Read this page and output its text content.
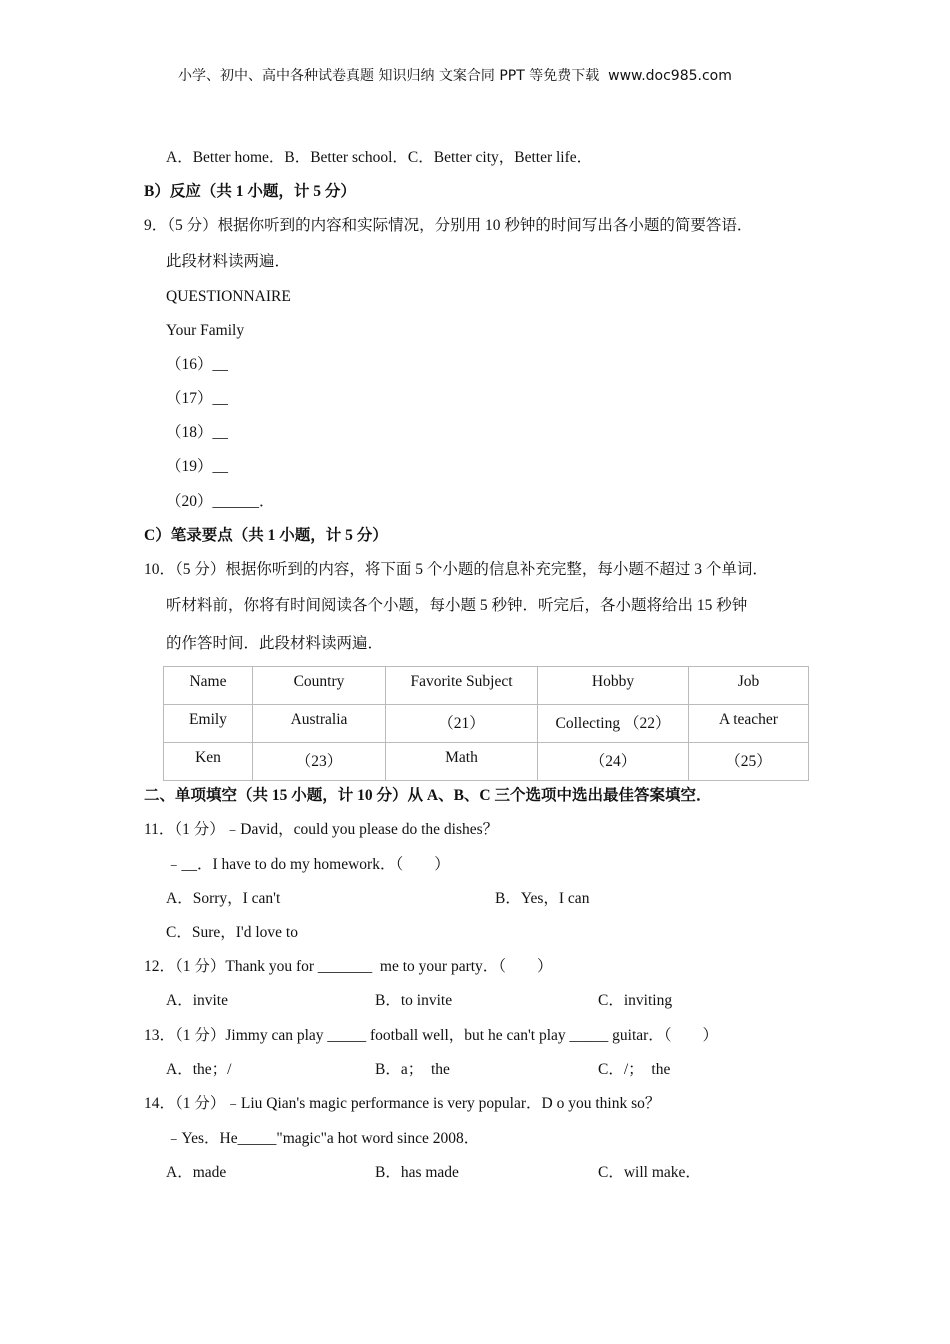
小学、初中、高中各种试卷真题 知识归纳 文案合同 PPT 等免费下载  www.doc985.com
A．Better home．B．Better school．C．Better city，Better life．
B）反应（共 1 小题，计 5 分）
9．（5 分）根据你听到的内容和实际情况，分别用 10 秒钟的时间写出各小题的简要答语．
此段材料读两遍．
QUESTIONNAIRE
Your Family
（16）__
（17）__
（18）__
（19）__
（20）______．
C）笔录要点（共 1 小题，计 5 分）
10．（5 分）根据你听到的内容，将下面 5 个小题的信息补充完整，每小题不超过 3 个单词．
听材料前，你将有时间阅读各个小题，每小题 5 秒钟．听完后，各小题将给出 15 秒钟
的作答时间．此段材料读两遍．
Name	Country	Favorite Subject	Hobby	Job
Emily	Australia	（21）	Collecting （22）	A teacher
Ken	（23）	Math	（24）	（25）
二、单项填空（共 15 小题，计 10 分）从 A、B、C 三个选项中选出最佳答案填空．
11．（1 分）﹣David，could you please do the dishes？
﹣__．I have to do my homework．（　　）
A．Sorry，I can't	B．Yes，I can
C．Sure，I'd love to
12．（1 分）Thank you for _______  me to your party．（　　）
A．invite	B．to invite	C．inviting
13．（1 分）Jimmy can play _____ football well，but he can't play _____ guitar．（　　）
A．the；/	B．a；  the	C．/；  the
14．（1 分）﹣Liu Qian's magic performance is very popular．D o you think so？
﹣Yes．He_____"magic"a hot word since 2008．
A．made	B．has made	C．will make．
